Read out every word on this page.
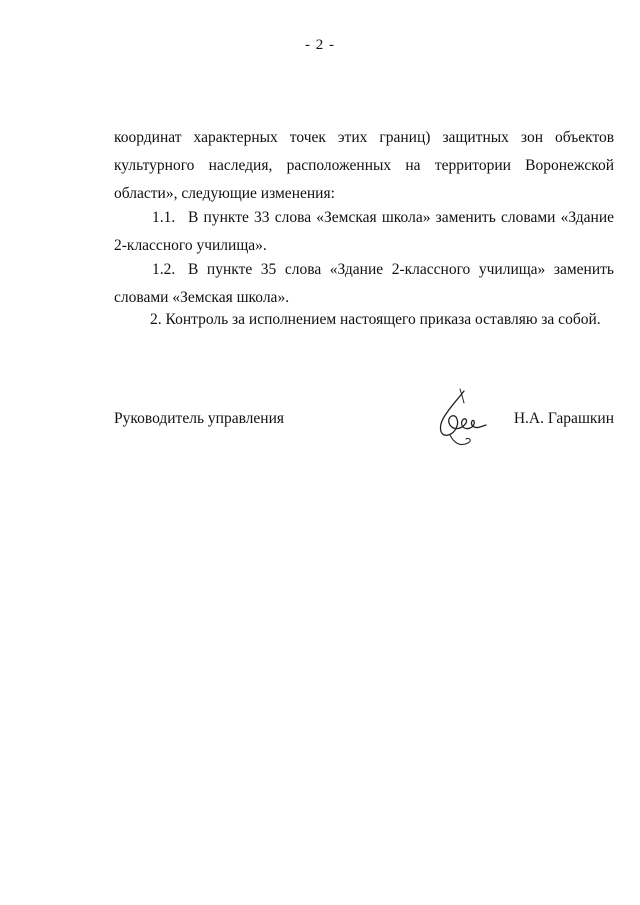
- 2 -
координат характерных точек этих границ) защитных зон объектов
культурного наследия, расположенных на территории Воронежской
области», следующие изменения:
1.1. В пункте 33 слова «Земская школа» заменить словами «Здание
2-классного училища».
1.2. В пункте 35 слова «Здание 2-классного училища» заменить
словами «Земская школа».
2. Контроль за исполнением настоящего приказа оставляю за собой.
Руководитель управления	Н.А. Гарашкин
